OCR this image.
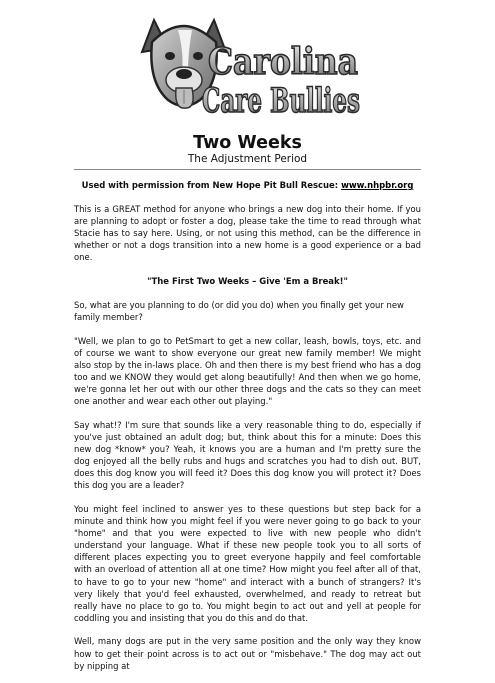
Carolina
Care Bullies
Two Weeks
The Adjustment Period

Used with permission from New Hope Pit Bull Rescue: www.nhpbr.org

This is a GREAT method for anyone who brings a new dog into their home. If you are planning to adopt or foster a dog, please take the time to read through what Stacie has to say here. Using, or not using this method, can be the difference in whether or not a dogs transition into a new home is a good experience or a bad one.

"The First Two Weeks – Give 'Em a Break!"

So, what are you planning to do (or did you do) when you finally get your new family member?

"Well, we plan to go to PetSmart to get a new collar, leash, bowls, toys, etc. and of course we want to show everyone our great new family member! We might also stop by the in-laws place. Oh and then there is my best friend who has a dog too and we KNOW they would get along beautifully! And then when we go home, we're gonna let her out with our other three dogs and the cats so they can meet one another and wear each other out playing."

Say what!? I'm sure that sounds like a very reasonable thing to do, especially if you've just obtained an adult dog; but, think about this for a minute: Does this new dog *know* you? Yeah, it knows you are a human and I'm pretty sure the dog enjoyed all the belly rubs and hugs and scratches you had to dish out. BUT, does this dog know you will feed it? Does this dog know you will protect it? Does this dog you are a leader?

You might feel inclined to answer yes to these questions but step back for a minute and think how you might feel if you were never going to go back to your "home" and that you were expected to live with new people who didn't understand your language. What if these new people took you to all sorts of different places expecting you to greet everyone happily and feel comfortable with an overload of attention all at one time? How might you feel after all of that, to have to go to your new "home" and interact with a bunch of strangers? It's very likely that you'd feel exhausted, overwhelmed, and ready to retreat but really have no place to go to. You might begin to act out and yell at people for coddling you and insisting that you do this and do that.

Well, many dogs are put in the very same position and the only way they know how to get their point across is to act out or "misbehave." The dog may act out by nipping at
